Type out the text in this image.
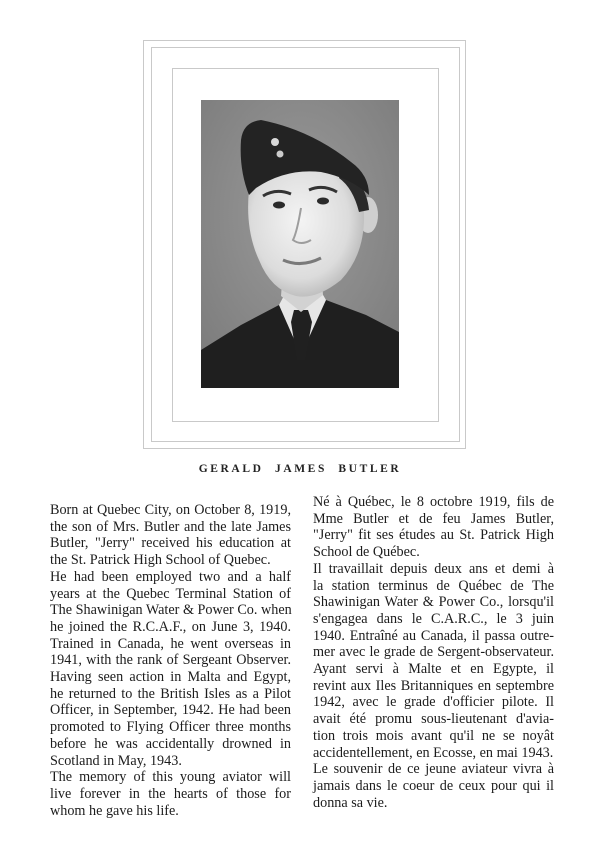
GERALD JAMES BUTLER

Born at Quebec City, on October 8, 1919,
the son of Mrs. Butler and the late James
Butler, "Jerry" received his education at
the St. Patrick High School of Quebec.

He had been employed two and a half
years at the Quebec Terminal Station of
The Shawinigan Water & Power Co. when
he joined the R.C.A.F., on June 3, 1940.
Trained in Canada, he went overseas in
1941, with the rank of Sergeant Observer.
Having seen action in Malta and Egypt,
he returned to the British Isles as a Pilot
Officer, in September, 1942. He had been
promoted to Flying Officer three months
before he was accidentally drowned in
Scotland in May, 1943.

The memory of this young aviator will
live forever in the hearts of those for
whom he gave his life.

Né à Québec, le 8 octobre 1919, fils de
Mme Butler et de feu James Butler,
"Jerry" fit ses études au St. Patrick High
School de Québec.

Il travaillait depuis deux ans et demi à
la station terminus de Québec de The
Shawinigan Water & Power Co., lorsqu'il
s'engagea dans le C.A.R.C., le 3 juin
1940. Entraîné au Canada, il passa outre-
mer avec le grade de Sergent-observateur.
Ayant servi à Malte et en Egypte, il
revint aux Iles Britanniques en septembre
1942, avec le grade d'officier pilote. Il
avait été promu sous-lieutenant d'avia-
tion trois mois avant qu'il ne se noyât
accidentellement, en Ecosse, en mai 1943.

Le souvenir de ce jeune aviateur vivra à
jamais dans le coeur de ceux pour qui il
donna sa vie.
